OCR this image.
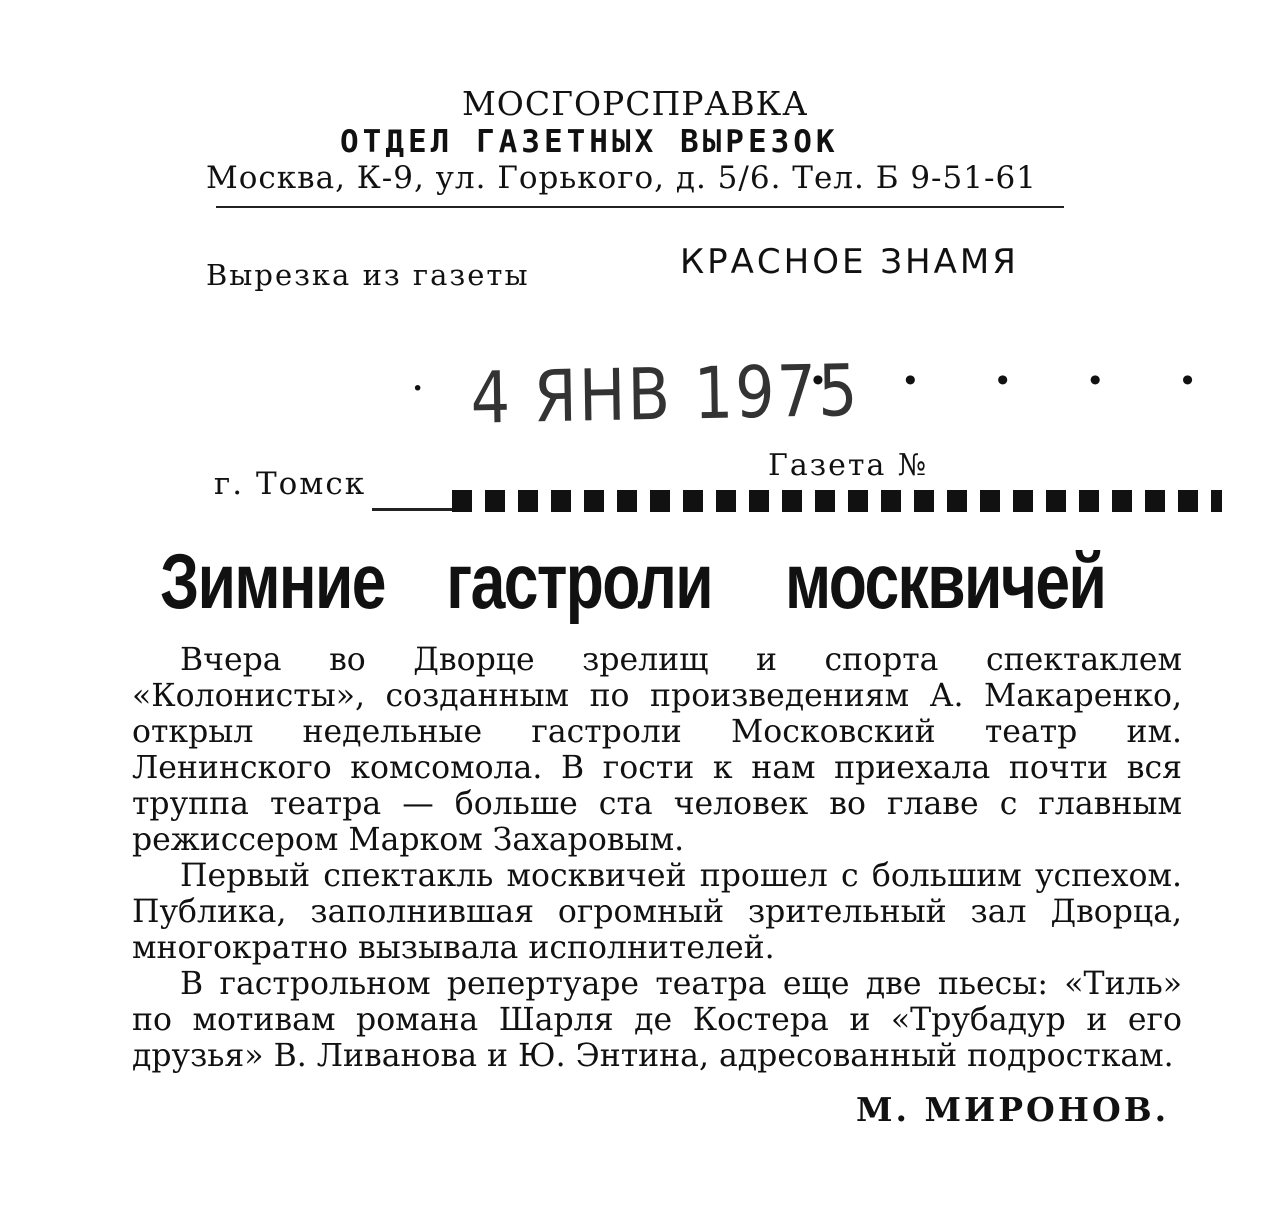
МОСГОРСПРАВКА
ОТДЕЛ ГАЗЕТНЫХ ВЫРЕЗОК
Москва, К-9, ул. Горького, д. 5/6. Тел. Б 9-51-61
Вырезка из газеты	КРАСНОЕ ЗНАМЯ
· 4 ЯНВ 1975
• • • • •
г. Томск
Газета №
Зимние гастроли москвичей

Вчера во Дворце зрелищ и спорта спектаклем «Колонисты», созданным по произведениям А. Макаренко, открыл недельные гастроли Московский театр им. Ленинского комсомола. В гости к нам приехала почти вся труппа театра — больше ста человек во главе с главным режиссером Марком Захаровым.

Первый спектакль москвичей прошел с большим успехом. Публика, заполнившая огромный зрительный зал Дворца, многократно вызывала исполнителей.

В гастрольном репертуаре театра еще две пьесы: «Тиль» по мотивам романа Шарля де Костера и «Трубадур и его друзья» В. Ливанова и Ю. Энтина, адресованный подросткам.

М. МИРОНОВ.
